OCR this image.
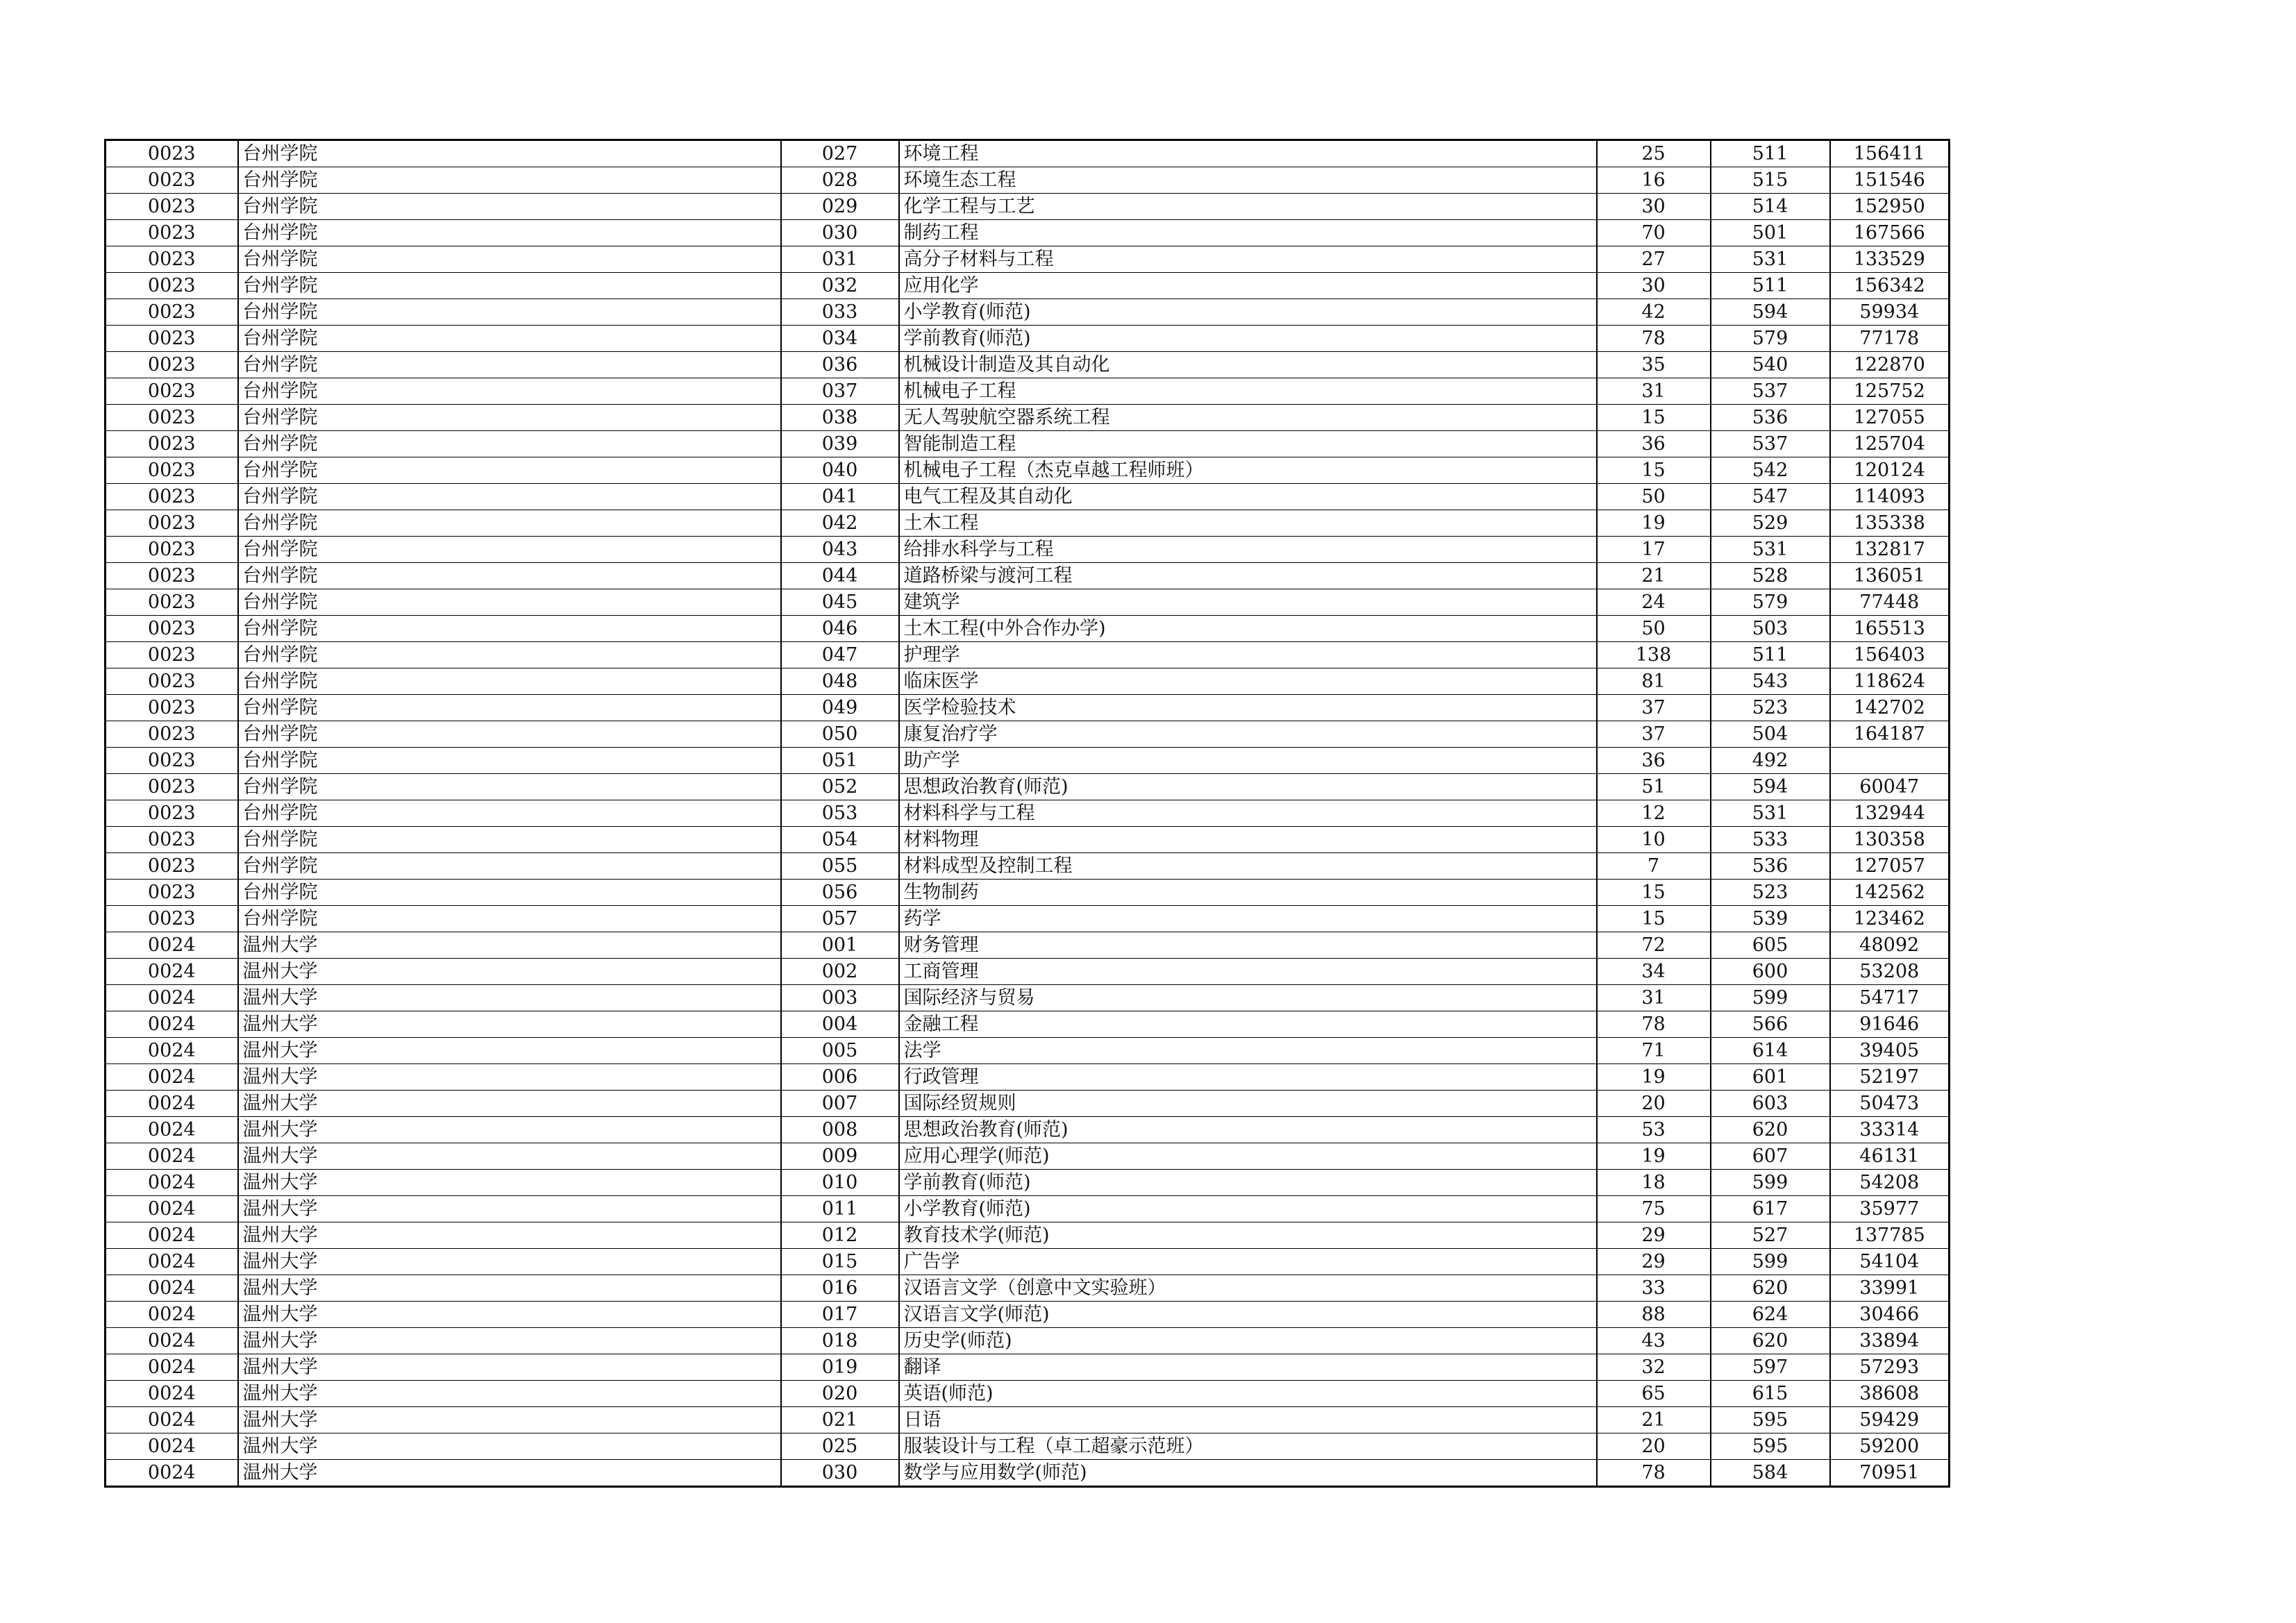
0023	台州学院	027	环境工程	25	511	156411
0023	台州学院	028	环境生态工程	16	515	151546
0023	台州学院	029	化学工程与工艺	30	514	152950
0023	台州学院	030	制药工程	70	501	167566
0023	台州学院	031	高分子材料与工程	27	531	133529
0023	台州学院	032	应用化学	30	511	156342
0023	台州学院	033	小学教育(师范)	42	594	59934
0023	台州学院	034	学前教育(师范)	78	579	77178
0023	台州学院	036	机械设计制造及其自动化	35	540	122870
0023	台州学院	037	机械电子工程	31	537	125752
0023	台州学院	038	无人驾驶航空器系统工程	15	536	127055
0023	台州学院	039	智能制造工程	36	537	125704
0023	台州学院	040	机械电子工程（杰克卓越工程师班）	15	542	120124
0023	台州学院	041	电气工程及其自动化	50	547	114093
0023	台州学院	042	土木工程	19	529	135338
0023	台州学院	043	给排水科学与工程	17	531	132817
0023	台州学院	044	道路桥梁与渡河工程	21	528	136051
0023	台州学院	045	建筑学	24	579	77448
0023	台州学院	046	土木工程(中外合作办学)	50	503	165513
0023	台州学院	047	护理学	138	511	156403
0023	台州学院	048	临床医学	81	543	118624
0023	台州学院	049	医学检验技术	37	523	142702
0023	台州学院	050	康复治疗学	37	504	164187
0023	台州学院	051	助产学	36	492	
0023	台州学院	052	思想政治教育(师范)	51	594	60047
0023	台州学院	053	材料科学与工程	12	531	132944
0023	台州学院	054	材料物理	10	533	130358
0023	台州学院	055	材料成型及控制工程	7	536	127057
0023	台州学院	056	生物制药	15	523	142562
0023	台州学院	057	药学	15	539	123462
0024	温州大学	001	财务管理	72	605	48092
0024	温州大学	002	工商管理	34	600	53208
0024	温州大学	003	国际经济与贸易	31	599	54717
0024	温州大学	004	金融工程	78	566	91646
0024	温州大学	005	法学	71	614	39405
0024	温州大学	006	行政管理	19	601	52197
0024	温州大学	007	国际经贸规则	20	603	50473
0024	温州大学	008	思想政治教育(师范)	53	620	33314
0024	温州大学	009	应用心理学(师范)	19	607	46131
0024	温州大学	010	学前教育(师范)	18	599	54208
0024	温州大学	011	小学教育(师范)	75	617	35977
0024	温州大学	012	教育技术学(师范)	29	527	137785
0024	温州大学	015	广告学	29	599	54104
0024	温州大学	016	汉语言文学（创意中文实验班）	33	620	33991
0024	温州大学	017	汉语言文学(师范)	88	624	30466
0024	温州大学	018	历史学(师范)	43	620	33894
0024	温州大学	019	翻译	32	597	57293
0024	温州大学	020	英语(师范)	65	615	38608
0024	温州大学	021	日语	21	595	59429
0024	温州大学	025	服装设计与工程（卓工超豪示范班）	20	595	59200
0024	温州大学	030	数学与应用数学(师范)	78	584	70951
